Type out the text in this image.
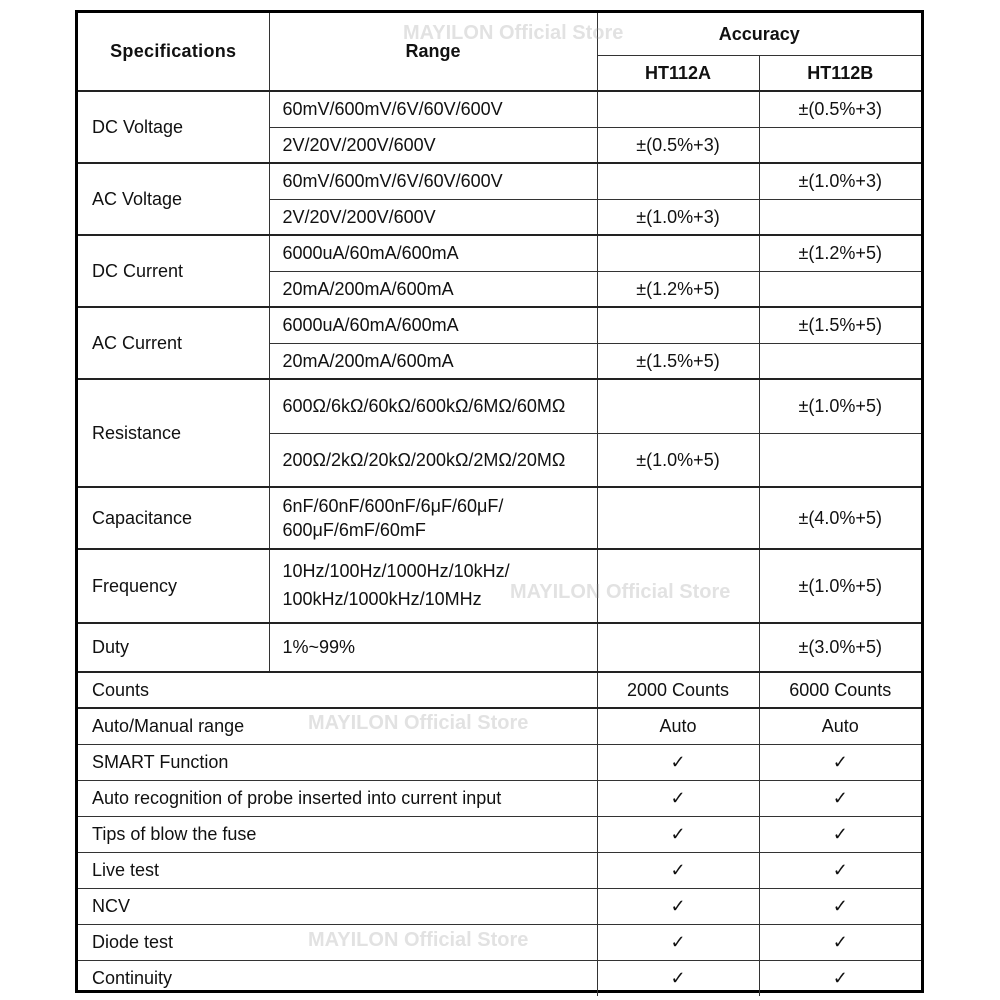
Specifications	Range	Accuracy	
		HT112A	HT112B
DC Voltage	60mV/600mV/6V/60V/600V		±(0.5%+3)
	2V/20V/200V/600V	±(0.5%+3)	
AC Voltage	60mV/600mV/6V/60V/600V		±(1.0%+3)
	2V/20V/200V/600V	±(1.0%+3)	
DC Current	6000uA/60mA/600mA		±(1.2%+5)
	20mA/200mA/600mA	±(1.2%+5)	
AC Current	6000uA/60mA/600mA		±(1.5%+5)
	20mA/200mA/600mA	±(1.5%+5)	
Resistance	600Ω/6kΩ/60kΩ/600kΩ/6MΩ/60MΩ		±(1.0%+5)
	200Ω/2kΩ/20kΩ/200kΩ/2MΩ/20MΩ	±(1.0%+5)	
Capacitance	6nF/60nF/600nF/6μF/60μF/
600μF/6mF/60mF		±(4.0%+5)
Frequency	10Hz/100Hz/1000Hz/10kHz/
100kHz/1000kHz/10MHz		±(1.0%+5)
Duty	1%~99%		±(3.0%+5)
Counts		2000 Counts	6000 Counts
Auto/Manual range		Auto	Auto
SMART Function		✓	✓
Auto recognition of probe inserted into current input		✓	✓
Tips of blow the fuse		✓	✓
Live test		✓	✓
NCV		✓	✓
Diode test		✓	✓
Continuity		✓	✓
MAYILON Official Store
MAYILON Official Store
MAYILON Official Store
MAYILON Official Store
